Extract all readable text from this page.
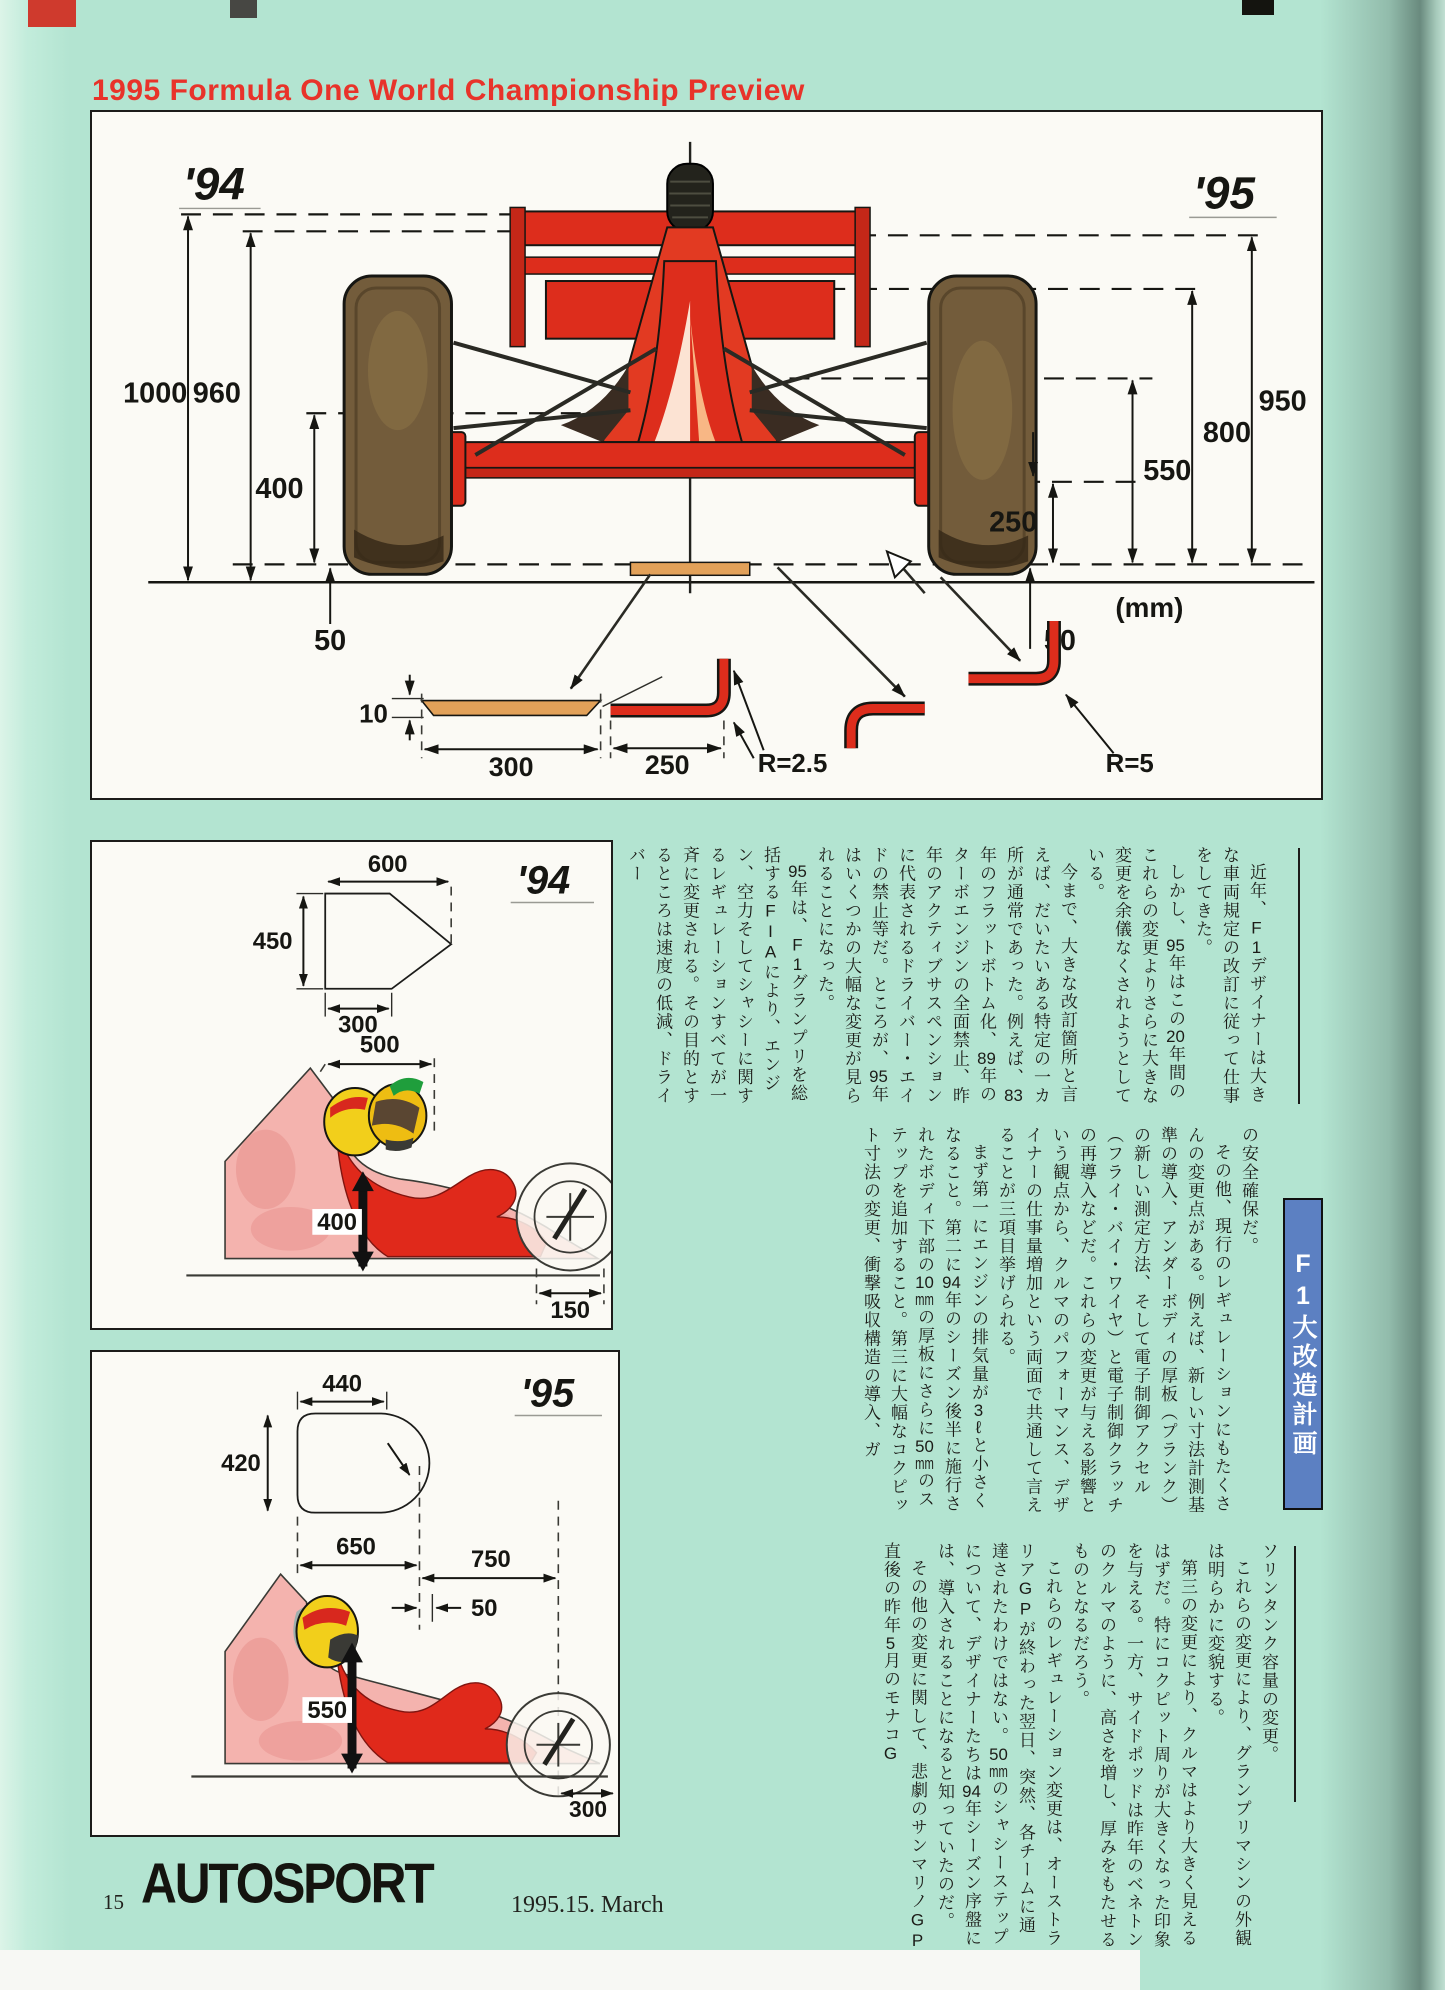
1995 Formula One World Championship Preview
'94	'95
1000 960
400
50
950
800
550
250
50
(mm)
10
300	250	R=2.5	R=5
'94
600
450
300
500
400
150
'95
440
420
650	750
50
550
300

近年、F1デザイナーは大きな車両規定の改訂に従って仕事をしてきた。

しかし、95年はこの20年間のこれらの変更よりさらに大きな変更を余儀なくされようとしている。

今まで、大きな改訂箇所と言えば、だいたいある特定の一カ所が通常であった。例えば、83年のフラットボトム化、89年のターボエンジンの全面禁止、昨年のアクティブサスペンションに代表されるドライバー・エイドの禁止等だ。ところが、95年はいくつかの大幅な変更が見られることになった。

95年は、F1グランプリを総括するFIAにより、エンジン、空力そしてシャシーに関するレギュレーションすべてが一斉に変更される。その目的とするところは速度の低減、ドライバー

F1大改造計画

の安全確保だ。

その他、現行のレギュレーションにもたくさんの変更点がある。例えば、新しい寸法計測基準の導入、アンダーボディの厚板（プランク）の新しい測定方法、そして電子制御アクセル（フライ・バイ・ワイヤ）と電子制御クラッチの再導入などだ。これらの変更が与える影響という観点から、クルマのパフォーマンス、デザイナーの仕事量増加という両面で共通して言えることが三項目挙げられる。

まず第一にエンジンの排気量が3ℓと小さくなること。第二に94年のシーズン後半に施行されたボディ下部の10mmの厚板にさらに50mmのステップを追加すること。第三に大幅なコクピット寸法の変更、衝撃吸収構造の導入、ガ

ソリンタンク容量の変更。

これらの変更により、グランプリマシンの外観は明らかに変貌する。

第三の変更により、クルマはより大きく見えるはずだ。特にコクピット周りが大きくなった印象を与える。一方、サイドポッドは昨年のベネトンのクルマのように、高さを増し、厚みをもたせるものとなるだろう。

これらのレギュレーション変更は、オーストラリアGPが終わった翌日、突然、各チームに通達されたわけではない。50mmのシャシーステップについて、デザイナーたちは94年シーズン序盤には、導入されることになると知っていたのだ。

その他の変更に関して、悲劇のサンマリノGP直後の昨年5月のモナコG

15 AUTOSPORT	1995.15. March
